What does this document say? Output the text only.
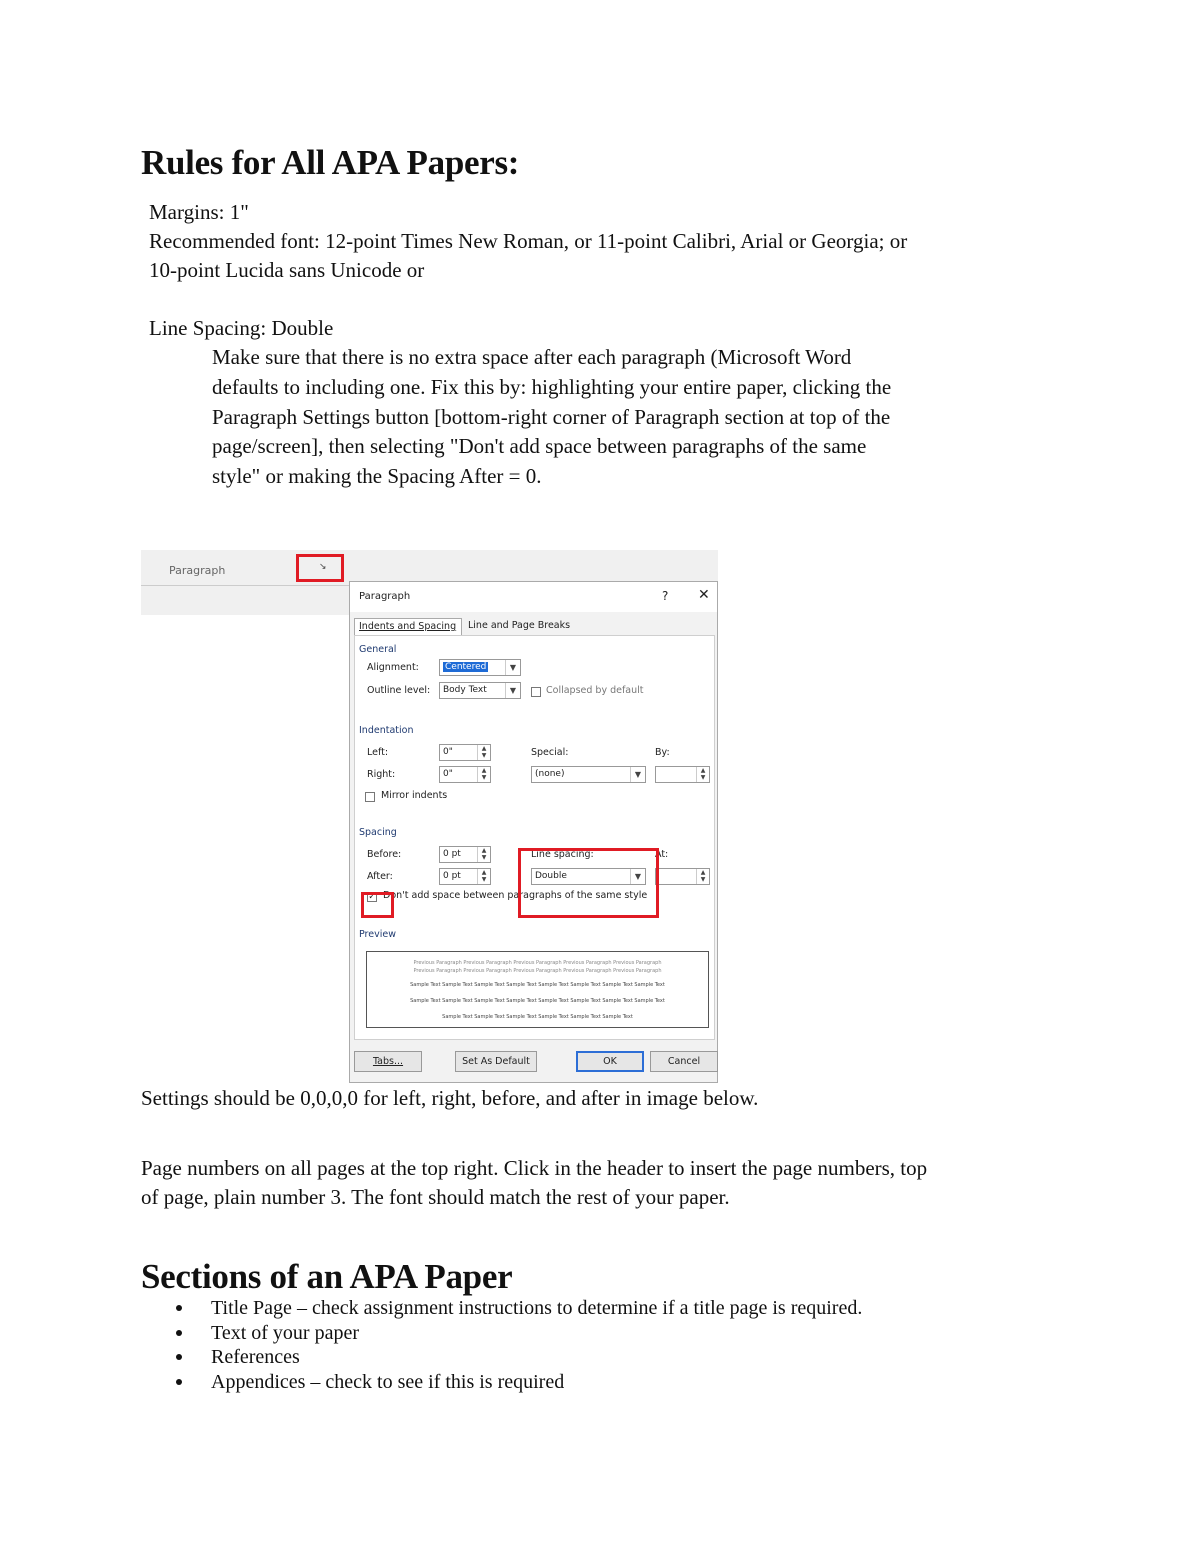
Rules for All APA Papers:
Margins: 1"
Recommended font: 12-point Times New Roman, or 11-point Calibri, Arial or Georgia; or
10-point Lucida sans Unicode or
Line Spacing: Double
Make sure that there is no extra space after each paragraph (Microsoft Word
defaults to including one. Fix this by: highlighting your entire paper, clicking the
Paragraph Settings button [bottom-right corner of Paragraph section at top of the
page/screen], then selecting "Don't add space between paragraphs of the same
style" or making the Spacing After = 0.
Paragraph	↘
Paragraph	? ✕
Indents and Spacing	Line and Page Breaks
General
Alignment:	Centered	▼
Outline level:	Body Text	▼	Collapsed by default
Indentation
Left:	0"	▲
▼
Right:	0"	▲
▼
Special:
(none)	▼
By:
▲
▼
Mirror indents
Spacing
Before:	0 pt	▲
▼
After:	0 pt	▲
▼
Line spacing:
Double	▼
At:
▲
▼
✓ Don't add space between paragraphs of the same style
Preview
Previous Paragraph Previous Paragraph Previous Paragraph Previous Paragraph Previous Paragraph
Previous Paragraph Previous Paragraph Previous Paragraph Previous Paragraph Previous Paragraph
Sample Text Sample Text Sample Text Sample Text Sample Text Sample Text Sample Text Sample Text
Sample Text Sample Text Sample Text Sample Text Sample Text Sample Text Sample Text Sample Text
Sample Text Sample Text Sample Text Sample Text Sample Text Sample Text
Tabs...	Set As Default	OK	Cancel
Settings should be 0,0,0,0 for left, right, before, and after in image below.
Page numbers on all pages at the top right. Click in the header to insert the page numbers, top
of page, plain number 3. The font should match the rest of your paper.
Sections of an APA Paper
Title Page – check assignment instructions to determine if a title page is required.
Text of your paper
References
Appendices – check to see if this is required
